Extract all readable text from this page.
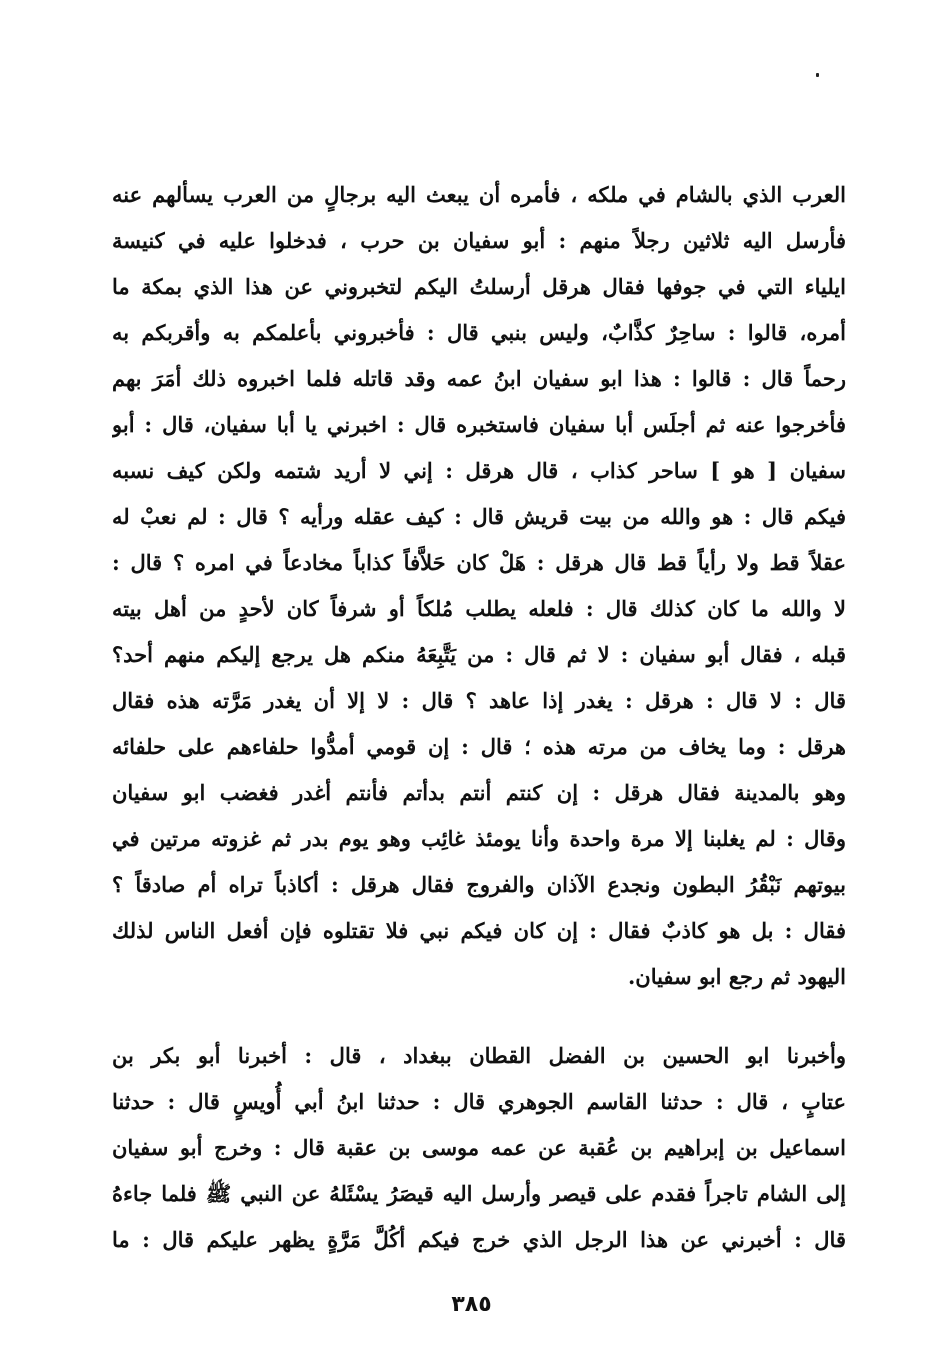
العرب الذي بالشام في ملكه ، فأمره أن يبعث اليه برجالٍ من العرب يسألهم عنه
فأرسل اليه ثلاثين رجلاً منهم : أبو سفيان بن حرب ، فدخلوا عليه في كنيسة
ايلياء التي في جوفها فقال هرقل أرسلتُ اليكم لتخبروني عن هذا الذي بمكة ما
أمره، قالوا : ساحِرٌ كذَّابٌ، وليس بنبي قال : فأخبروني بأعلمكم به وأقربكم به
رحماً قال : قالوا : هذا ابو سفيان ابنُ عمه وقد قاتله فلما اخبروه ذلك أمَرَ بهم
فأخرجوا عنه ثم أجلَس أبا سفيان فاستخبره قال : اخبرني يا أبا سفيان، قال : أبو
سفيان [ هو ] ساحر كذاب ، قال هرقل : إني لا أريد شتمه ولكن كيف نسبه
فيكم قال : هو والله من بيت قريش قال : كيف عقله ورأيه ؟ قال : لم نعبْ له
عقلاً قط ولا رأياً قط قال هرقل : هَلْ كان حَلاَّفاً كذاباً مخادعاً في امره ؟ قال :
لا والله ما كان كذلك قال : فلعله يطلب مُلكاً أو شرفاً كان لأحدٍ من أهل بيته
قبله ، فقال أبو سفيان : لا ثم قال : من يَتَّبِعَهُ منكم هل يرجع إليكم منهم أحد؟
قال : لا قال : هرقل : يغدر إذا عاهد ؟ قال : لا إلا أن يغدر مَرَّته هذه فقال
هرقل : وما يخاف من مرته هذه ؛ قال : إن قومي أمدُّوا حلفاءهم على حلفائه
وهو بالمدينة فقال هرقل : إن كنتم أنتم بدأتم فأنتم أغدر فغضب ابو سفيان
وقال : لم يغلبنا إلا مرة واحدة وأنا يومئذ غائِب وهو يوم بدر ثم غزوته مرتين في
بيوتهم نَبْقُرُ البطون ونجدع الآذان والفروج فقال هرقل : أكاذباً تراه أم صادقاً ؟
فقال : بل هو كاذبٌ فقال : إن كان فيكم نبي فلا تقتلوه فإن أفعل الناس لذلك
اليهود ثم رجع ابو سفيان.
وأخبرنا ابو الحسين بن الفضل القطان ببغداد ، قال : أخبرنا أبو بكر بن
عتابٍ ، قال : حدثنا القاسم الجوهري قال : حدثنا ابنُ أبي أُويسٍ قال : حدثنا
اسماعيل بن إبراهيم بن عُقبة عن عمه موسى بن عقبة قال : وخرج أبو سفيان
إلى الشام تاجراً فقدم على قيصر وأرسل اليه قيصَرُ يسْئَلهُ عن النبي ﷺ فلما جاءهُ
قال : أخبرني عن هذا الرجل الذي خرج فيكم أكُلَّ مَرَّةٍ يظهر عليكم قال : ما
٣٨٥
